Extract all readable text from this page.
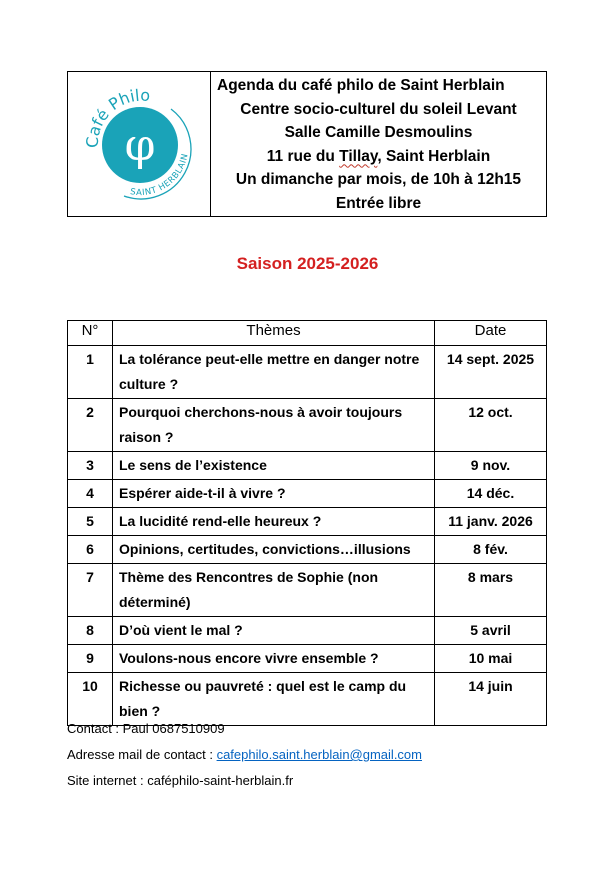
φ
Café Philo
SAINT HERBLAIN
Agenda du café philo de Saint Herblain
Centre socio-culturel du soleil Levant
Salle Camille Desmoulins
11 rue du Tillay, Saint Herblain
Un dimanche par mois, de 10h à 12h15
Entrée libre
Saison 2025-2026
N°	Thèmes	Date
1	La tolérance peut-elle mettre en danger notre culture ?	14 sept. 2025
2	Pourquoi cherchons-nous à avoir toujours raison ?	12 oct.
3	Le sens de l’existence	9 nov.
4	Espérer aide-t-il à vivre ?	14 déc.
5	La lucidité rend-elle heureux ?	11 janv. 2026
6	Opinions, certitudes, convictions…illusions	8 fév.
7	Thème des Rencontres de Sophie (non déterminé)	8 mars
8	D’où vient le mal ?	5 avril
9	Voulons-nous encore vivre ensemble ?	10 mai
10	Richesse ou pauvreté : quel est le camp du bien ?	14 juin
Contact : Paul 0687510909
Adresse mail de contact : cafephilo.saint.herblain@gmail.com
Site internet : caféphilo-saint-herblain.fr
